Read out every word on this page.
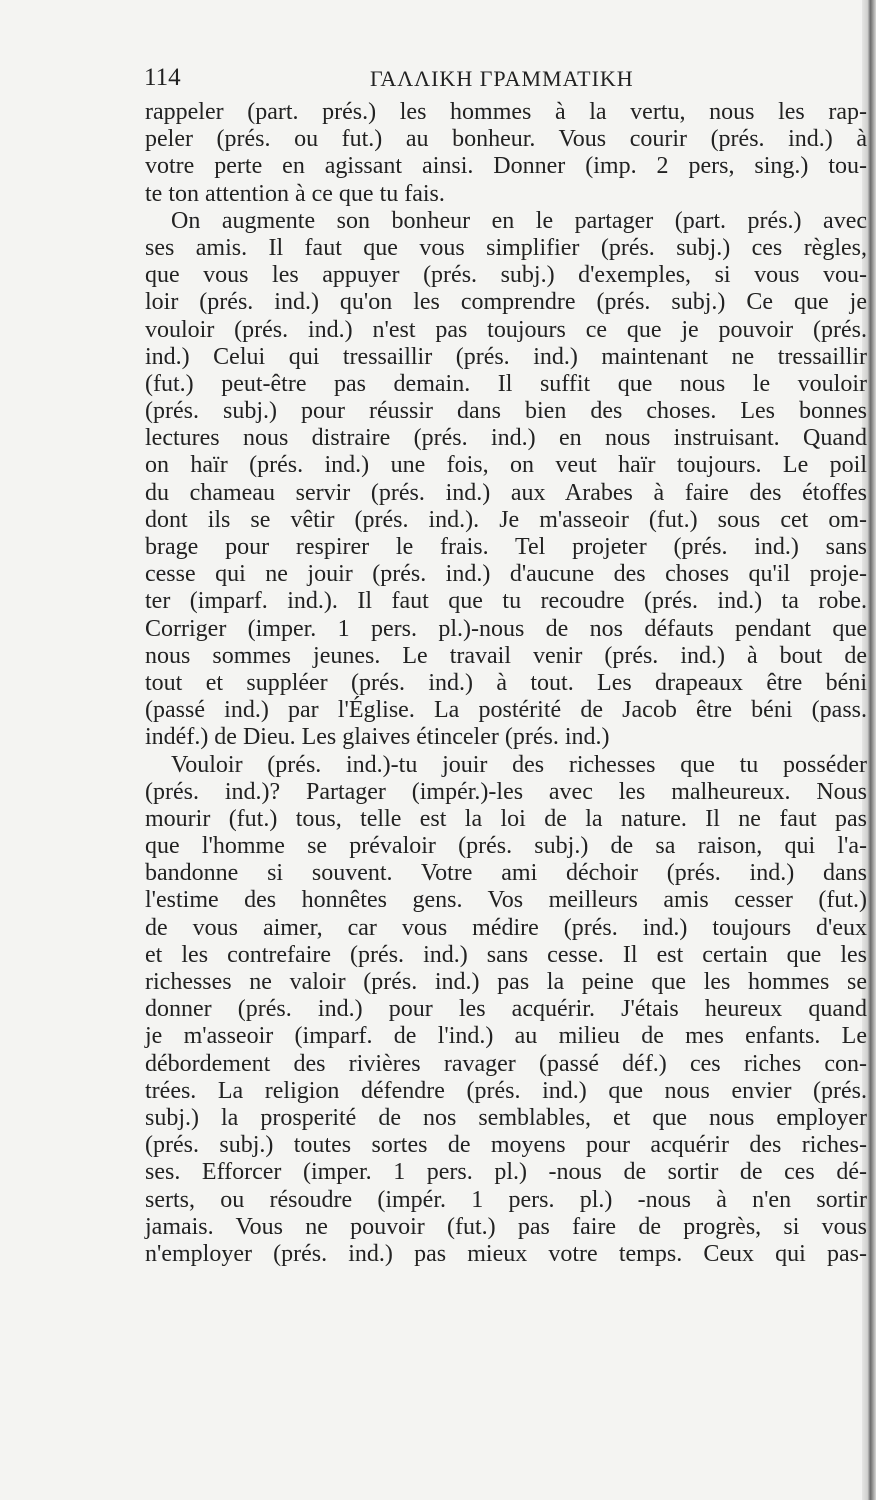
114	ΓΑΛΛΙΚΗ ΓΡΑΜΜΑΤΙΚΗ
rappeler (part. prés.) les hommes à la vertu, nous les rap-
peler (prés. ou fut.) au bonheur. Vous courir (prés. ind.) à
votre perte en agissant ainsi. Donner (imp. 2 pers, sing.) tou-
te ton attention à ce que tu fais.
On augmente son bonheur en le partager (part. prés.) avec
ses amis. Il faut que vous simplifier (prés. subj.) ces règles,
que vous les appuyer (prés. subj.) d'exemples, si vous vou-
loir (prés. ind.) qu'on les comprendre (prés. subj.) Ce que je
vouloir (prés. ind.) n'est pas toujours ce que je pouvoir (prés.
ind.) Celui qui tressaillir (prés. ind.) maintenant ne tressaillir
(fut.) peut-être pas demain. Il suffit que nous le vouloir
(prés. subj.) pour réussir dans bien des choses. Les bonnes
lectures nous distraire (prés. ind.) en nous instruisant. Quand
on haïr (prés. ind.) une fois, on veut haïr toujours. Le poil
du chameau servir (prés. ind.) aux Arabes à faire des étoffes
dont ils se vêtir (prés. ind.). Je m'asseoir (fut.) sous cet om-
brage pour respirer le frais. Tel projeter (prés. ind.) sans
cesse qui ne jouir (prés. ind.) d'aucune des choses qu'il proje-
ter (imparf. ind.). Il faut que tu recoudre (prés. ind.) ta robe.
Corriger (imper. 1 pers. pl.)-nous de nos défauts pendant que
nous sommes jeunes. Le travail venir (prés. ind.) à bout de
tout et suppléer (prés. ind.) à tout. Les drapeaux être béni
(passé ind.) par l'Église. La postérité de Jacob être béni (pass.
indéf.) de Dieu. Les glaives étinceler (prés. ind.)
Vouloir (prés. ind.)-tu jouir des richesses que tu posséder
(prés. ind.)? Partager (impér.)-les avec les malheureux. Nous
mourir (fut.) tous, telle est la loi de la nature. Il ne faut pas
que l'homme se prévaloir (prés. subj.) de sa raison, qui l'a-
bandonne si souvent. Votre ami déchoir (prés. ind.) dans
l'estime des honnêtes gens. Vos meilleurs amis cesser (fut.)
de vous aimer, car vous médire (prés. ind.) toujours d'eux
et les contrefaire (prés. ind.) sans cesse. Il est certain que les
richesses ne valoir (prés. ind.) pas la peine que les hommes se
donner (prés. ind.) pour les acquérir. J'étais heureux quand
je m'asseoir (imparf. de l'ind.) au milieu de mes enfants. Le
débordement des rivières ravager (passé déf.) ces riches con-
trées. La religion défendre (prés. ind.) que nous envier (prés.
subj.) la prosperité de nos semblables, et que nous employer
(prés. subj.) toutes sortes de moyens pour acquérir des riches-
ses. Efforcer (imper. 1 pers. pl.) -nous de sortir de ces dé-
serts, ou résoudre (impér. 1 pers. pl.) -nous à n'en sortir
jamais. Vous ne pouvoir (fut.) pas faire de progrès, si vous
n'employer (prés. ind.) pas mieux votre temps. Ceux qui pas-
